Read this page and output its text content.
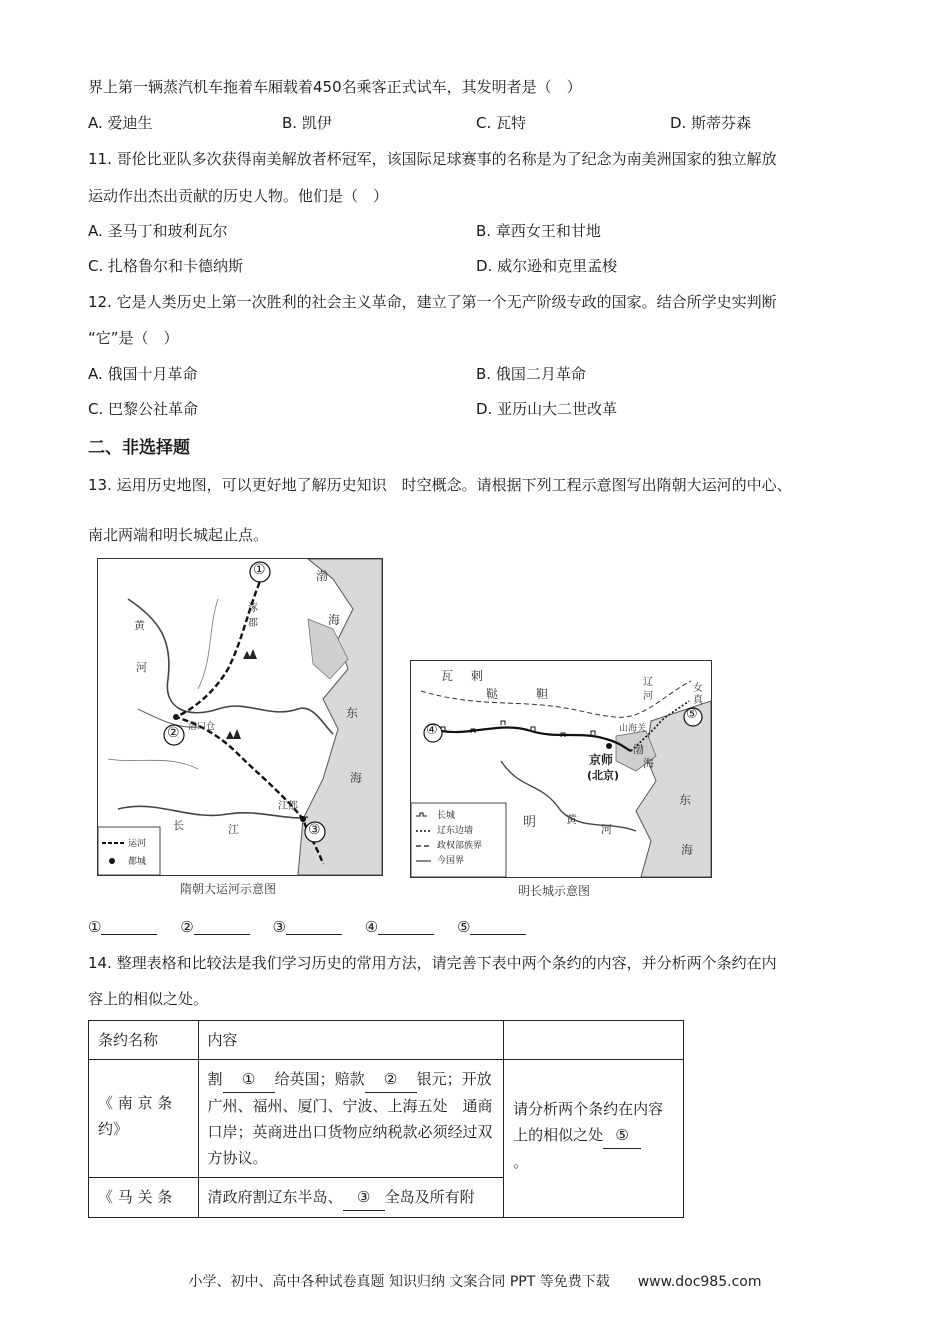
界上第一辆蒸汽机车拖着车厢载着450名乘客正式试车，其发明者是（　）
A. 爱迪生	B. 凯伊	C. 瓦特	D. 斯蒂芬森
11. 哥伦比亚队多次获得南美解放者杯冠军，该国际足球赛事的名称是为了纪念为南美洲国家的独立解放
运动作出杰出贡献的历史人物。他们是（　）
A. 圣马丁和玻利瓦尔	B. 章西女王和甘地
C. 扎格鲁尔和卡德纳斯	D. 威尔逊和克里孟梭
12. 它是人类历史上第一次胜利的社会主义革命，建立了第一个无产阶级专政的国家。结合所学史实判断
“它”是（　）
A. 俄国十月革命	B. 俄国二月革命
C. 巴黎公社革命	D. 亚历山大二世改革
二、非选择题
13. 运用历史地图，可以更好地了解历史知识　时空概念。请根据下列工程示意图写出隋朝大运河的中心、
南北两端和明长城起止点。
①
②
③
渤
海
东
海
黄
河
长	江
江都
洛口仓
涿
郡
运河
都城
隋朝大运河示意图
④
⑤
瓦 剌
鞑	靼
辽
河
女
真
山海关
京师
(北京)
渤
海
黄
河
明
东
海
长城
辽东边墙
政权部族界
今国界
明长城示意图
①	②	③	④	⑤
14. 整理表格和比较法是我们学习历史的常用方法，请完善下表中两个条约的内容，并分析两个条约在内
容上的相似之处。
条约名称	内容	
《 南 京 条 约》	割 ① 给英国；赔款 ② 银元；开放广州、福州、厦门、宁波、上海五处　通商口岸；英商进出口货物应纳税款必须经过双方协议。	请分析两个条约在内容上的相似之处 ⑤
。
《 马 关 条	清政府割辽东半岛、 ③ 全岛及所有附	
小学、初中、高中各种试卷真题 知识归纳 文案合同 PPT 等免费下载　　www.doc985.com
